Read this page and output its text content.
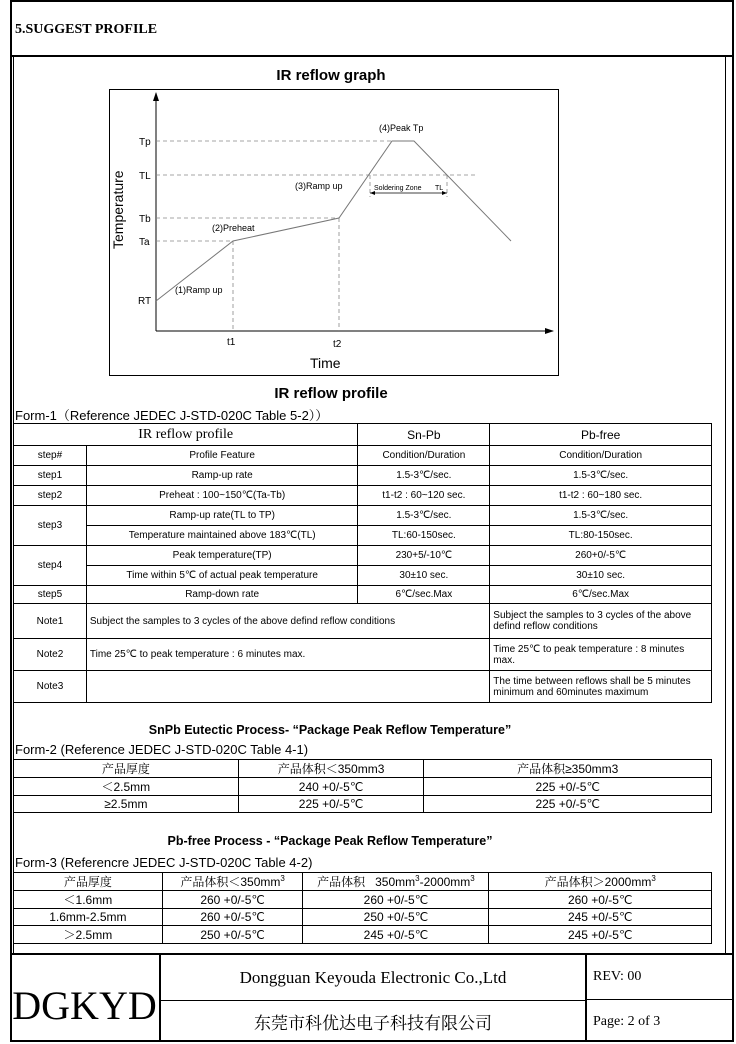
5.SUGGEST PROFILE
IR reflow graph
Tp
TL
Tb
Ta
RT
t1	t2
Temperature
Time
(1)Ramp up
(2)Preheat
(3)Ramp up
(4)Peak Tp
Soldering Zone TL
IR reflow profile
Form-1（Reference JEDEC J-STD-020C Table 5-2））
IR reflow profile		Sn-Pb	Pb-free
step#	Profile Feature	Condition/Duration	Condition/Duration
step1	Ramp-up rate	1.5-3℃/sec.	1.5-3℃/sec.
step2	Preheat : 100~150℃(Ta-Tb)	t1-t2 : 60~120 sec.	t1-t2 : 60~180 sec.
step3	Ramp-up rate(TL to TP)	1.5-3℃/sec.	1.5-3℃/sec.
	Temperature maintained above 183℃(TL)	TL:60-150sec.	TL:80-150sec.
step4	Peak temperature(TP)	230+5/-10℃	260+0/-5℃
	Time within 5℃ of actual peak temperature	30±10 sec.	30±10 sec.
step5	Ramp-down rate	6℃/sec.Max	6℃/sec.Max
Note1	Subject the samples to 3 cycles of the above defind reflow conditions		Subject the samples to 3 cycles of the above defind reflow conditions
Note2	Time 25℃ to peak temperature : 6 minutes max.		Time 25℃ to peak temperature : 8 minutes max.
Note3			The time between reflows shall be 5 minutes minimum and 60minutes maximum
SnPb Eutectic Process- “Package Peak Reflow Temperature”
Form-2 (Reference JEDEC J-STD-020C Table 4-1)
产品厚度	产品体积＜350mm3	产品体积≥350mm3
＜2.5mm	240 +0/-5℃	225 +0/-5℃
≥2.5mm	225 +0/-5℃	225 +0/-5℃
Pb-free Process - “Package Peak Reflow Temperature”
Form-3 (Referencre JEDEC J-STD-020C Table 4-2)
产品厚度	产品体积$<350mm^3$	产品体积   $350mm^3-2000mm^3$	产品体积$>2000mm^3$
＜1.6mm	260 +0/-5℃	260 +0/-5℃	260 +0/-5℃
1.6mm-2.5mm	260 +0/-5℃	250 +0/-5℃	245 +0/-5℃
＞2.5mm	250 +0/-5℃	245 +0/-5℃	245 +0/-5℃
DGKYD
Dongguan Keyouda Electronic Co.,Ltd
东莞市科优达电子科技有限公司
REV: 00
Page: 2 of 3
